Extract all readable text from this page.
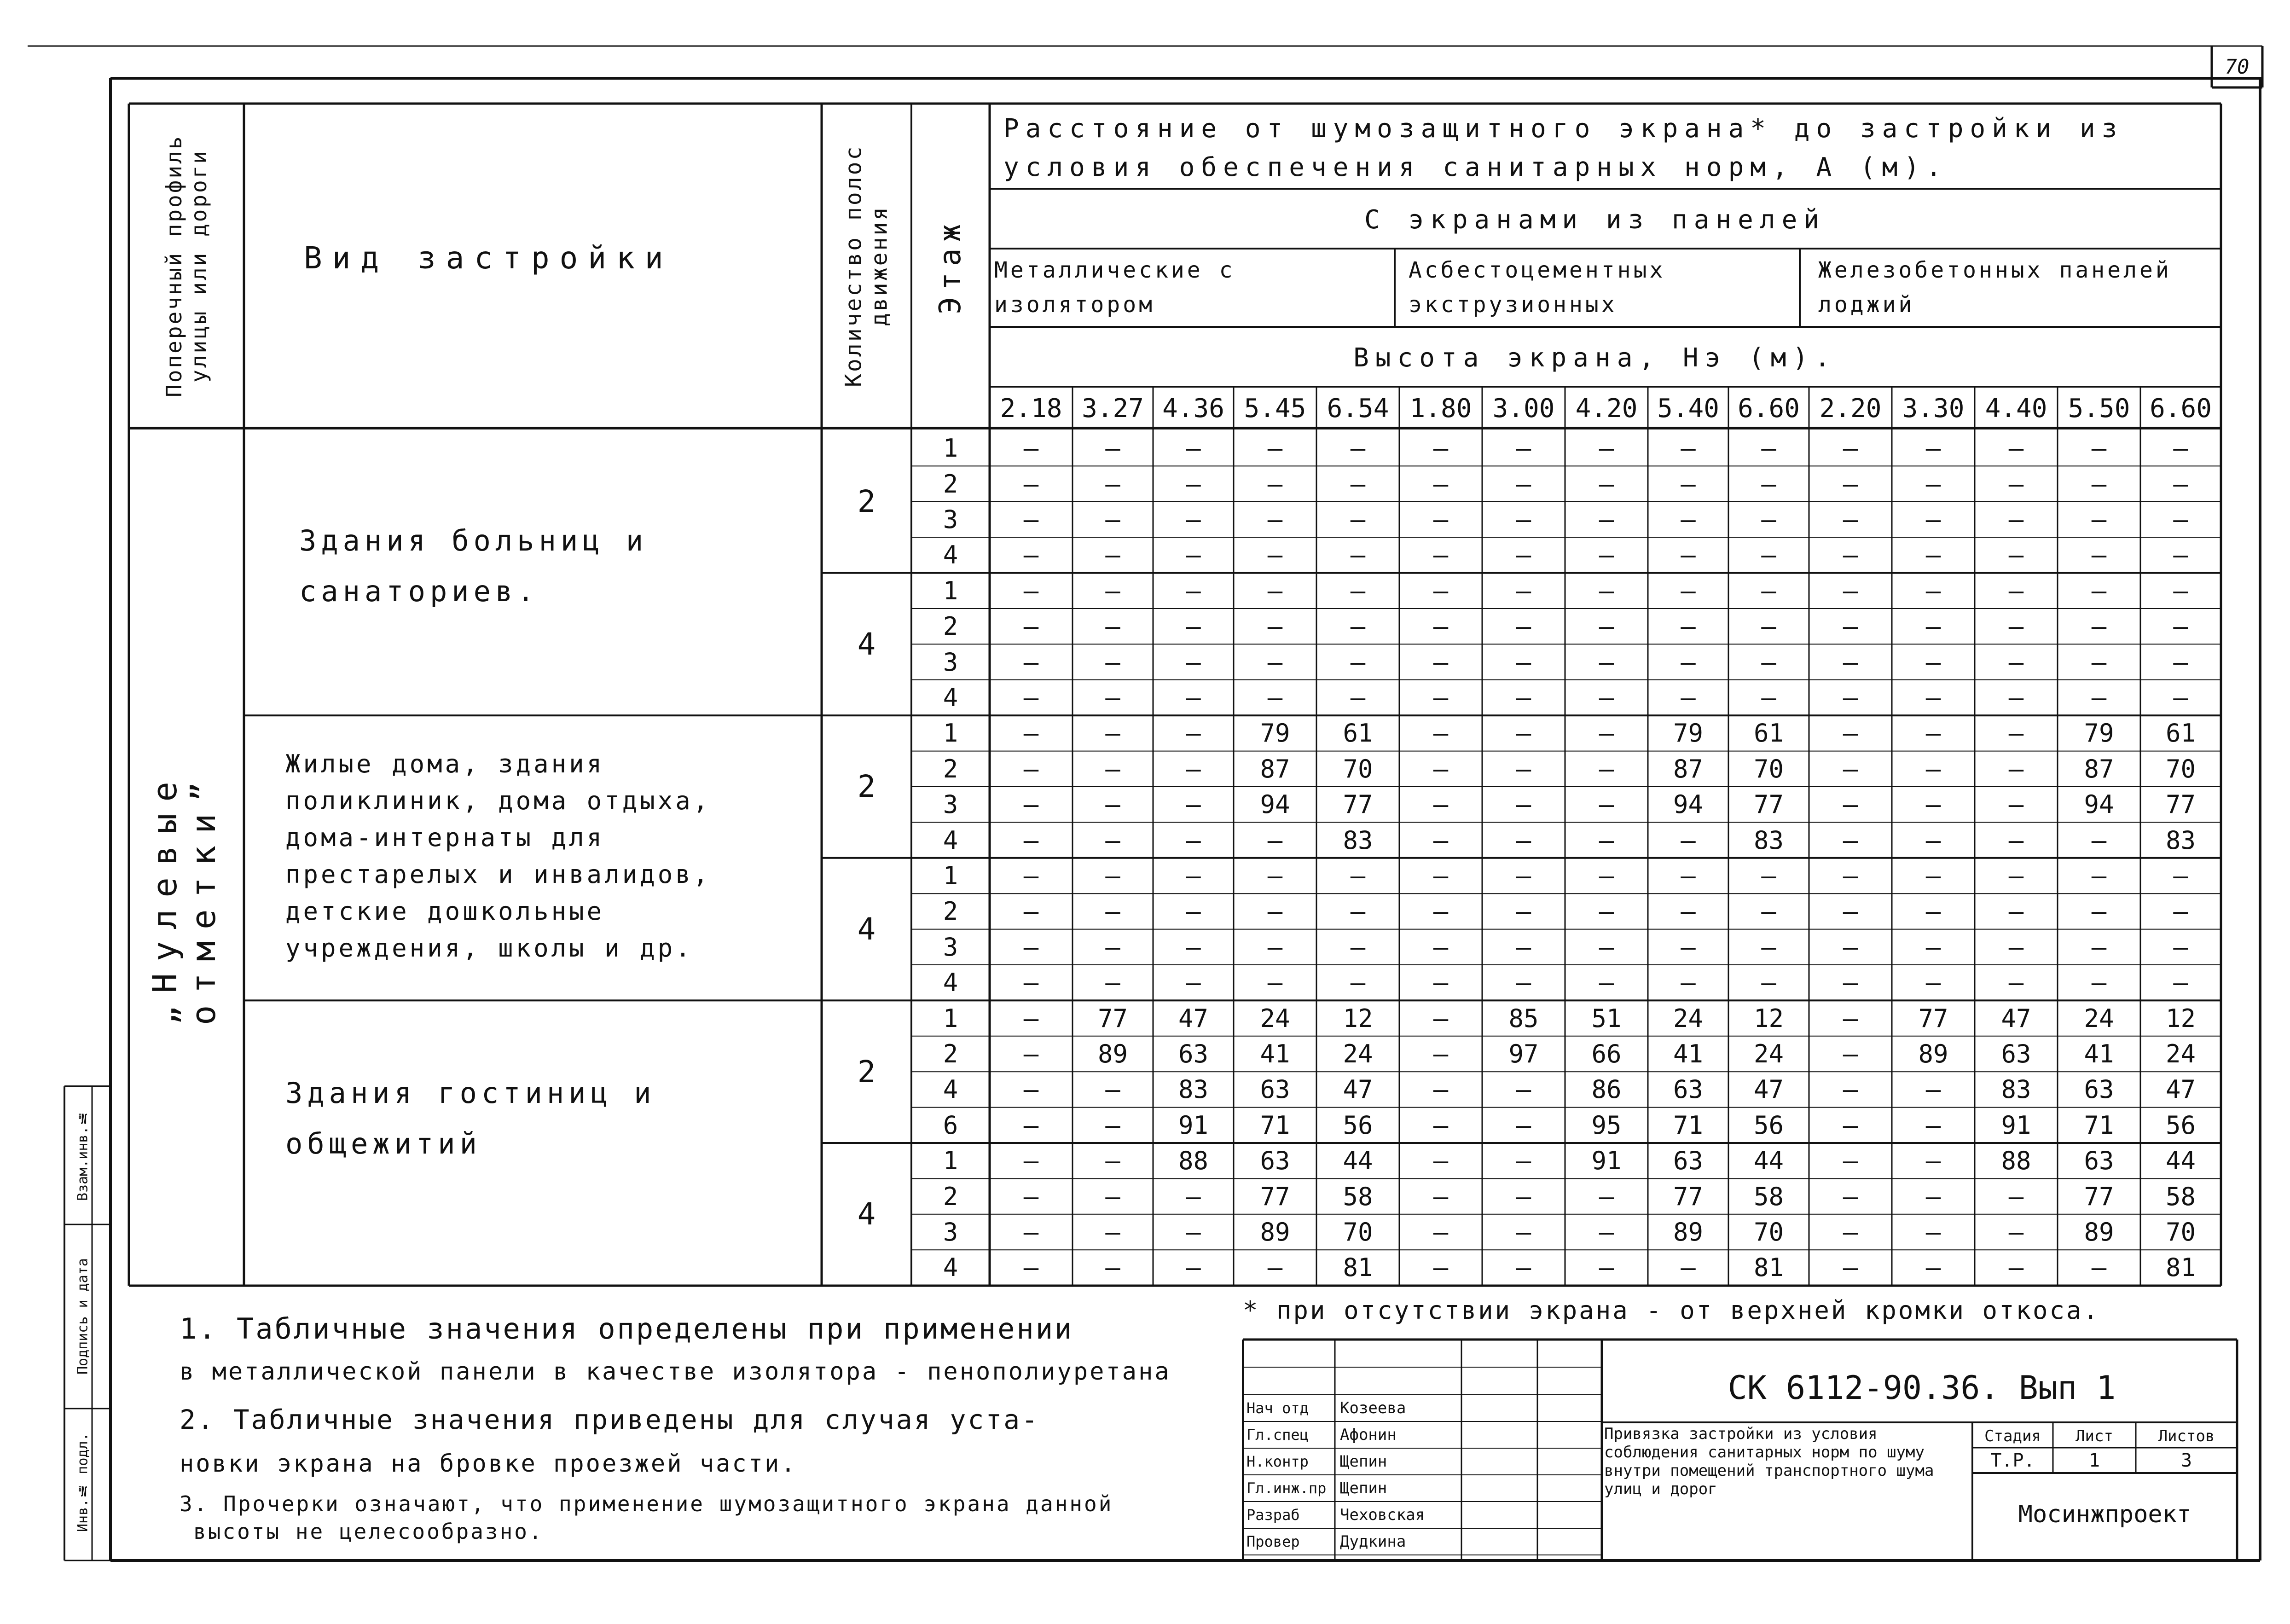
70
Инв.№ подл.
Подпись и дата
Взам.инв.№
Поперечный профиль улицы или дороги	Вид застройки	Количество полос движения	Этаж
Расстояние от шумозащитного экрана* до застройки из условия обеспечения санитарных норм, А (м).
С экранами из панелей
Металлические с изолятором
Асбестоцементных экструзионных
Железобетонных панелей лоджий
Высота экрана, Нэ (м).
2.18 3.27 4.36 5.45 6.54 1.80 3.00 4.20 5.40 6.60 2.20 3.30 4.40 5.50 6.60
„Нулевые отметки”
Здания больниц и санаториев.
Жилые дома, здания поликлиник, дома отдыха, дома-интернаты для престарелых и инвалидов, детские дошкольные учреждения, школы и др.
Здания гостиниц и общежитий
2
4
2
4
2
4
1	—	—	—	—	—	—	—	—	—	—	—	—	—	—	—
2	—	—	—	—	—	—	—	—	—	—	—	—	—	—	—
3	—	—	—	—	—	—	—	—	—	—	—	—	—	—	—
4	—	—	—	—	—	—	—	—	—	—	—	—	—	—	—
1	—	—	—	—	—	—	—	—	—	—	—	—	—	—	—
2	—	—	—	—	—	—	—	—	—	—	—	—	—	—	—
3	—	—	—	—	—	—	—	—	—	—	—	—	—	—	—
4	—	—	—	—	—	—	—	—	—	—	—	—	—	—	—
1	—	—	—	79	61	—	—	—	79	61	—	—	—	79	61
2	—	—	—	87	70	—	—	—	87	70	—	—	—	87	70
3	—	—	—	94	77	—	—	—	94	77	—	—	—	94	77
4	—	—	—	—	83	—	—	—	—	83	—	—	—	—	83
1	—	—	—	—	—	—	—	—	—	—	—	—	—	—	—
2	—	—	—	—	—	—	—	—	—	—	—	—	—	—	—
3	—	—	—	—	—	—	—	—	—	—	—	—	—	—	—
4	—	—	—	—	—	—	—	—	—	—	—	—	—	—	—
1	—	77	47	24	12	—	85	51	24	12	—	77	47	24	12
2	—	89	63	41	24	—	97	66	41	24	—	89	63	41	24
4	—	—	83	63	47	—	—	86	63	47	—	—	83	63	47
6	—	—	91	71	56	—	—	95	71	56	—	—	91	71	56
1	—	—	88	63	44	—	—	91	63	44	—	—	88	63	44
2	—	—	—	77	58	—	—	—	77	58	—	—	—	77	58
3	—	—	—	89	70	—	—	—	89	70	—	—	—	89	70
4	—	—	—	—	81	—	—	—	—	81	—	—	—	—	81
1. Табличные значения определены при применении
в металлической панели в качестве изолятора - пенополиуретана
2. Табличные значения приведены для случая уста-
новки экрана на бровке проезжей части.
3. Прочерки означают, что применение шумозащитного экрана данной
высоты не целесообразно.
* при отсутствии экрана - от верхней кромки откоса.
СК 6112-90.36. Вып 1
Нач отд	Козеева
Гл.спец	Афонин
Н.контр	Щепин
Гл.инж.пр Щепин
Разраб	Чеховская
Провер	Дудкина
Привязка застройки из условия соблюдения санитарных норм по шуму внутри помещений транспортного шума улиц и дорог
Стадия	Лист	Листов
Т.Р.	1	3
Мосинжпроект
